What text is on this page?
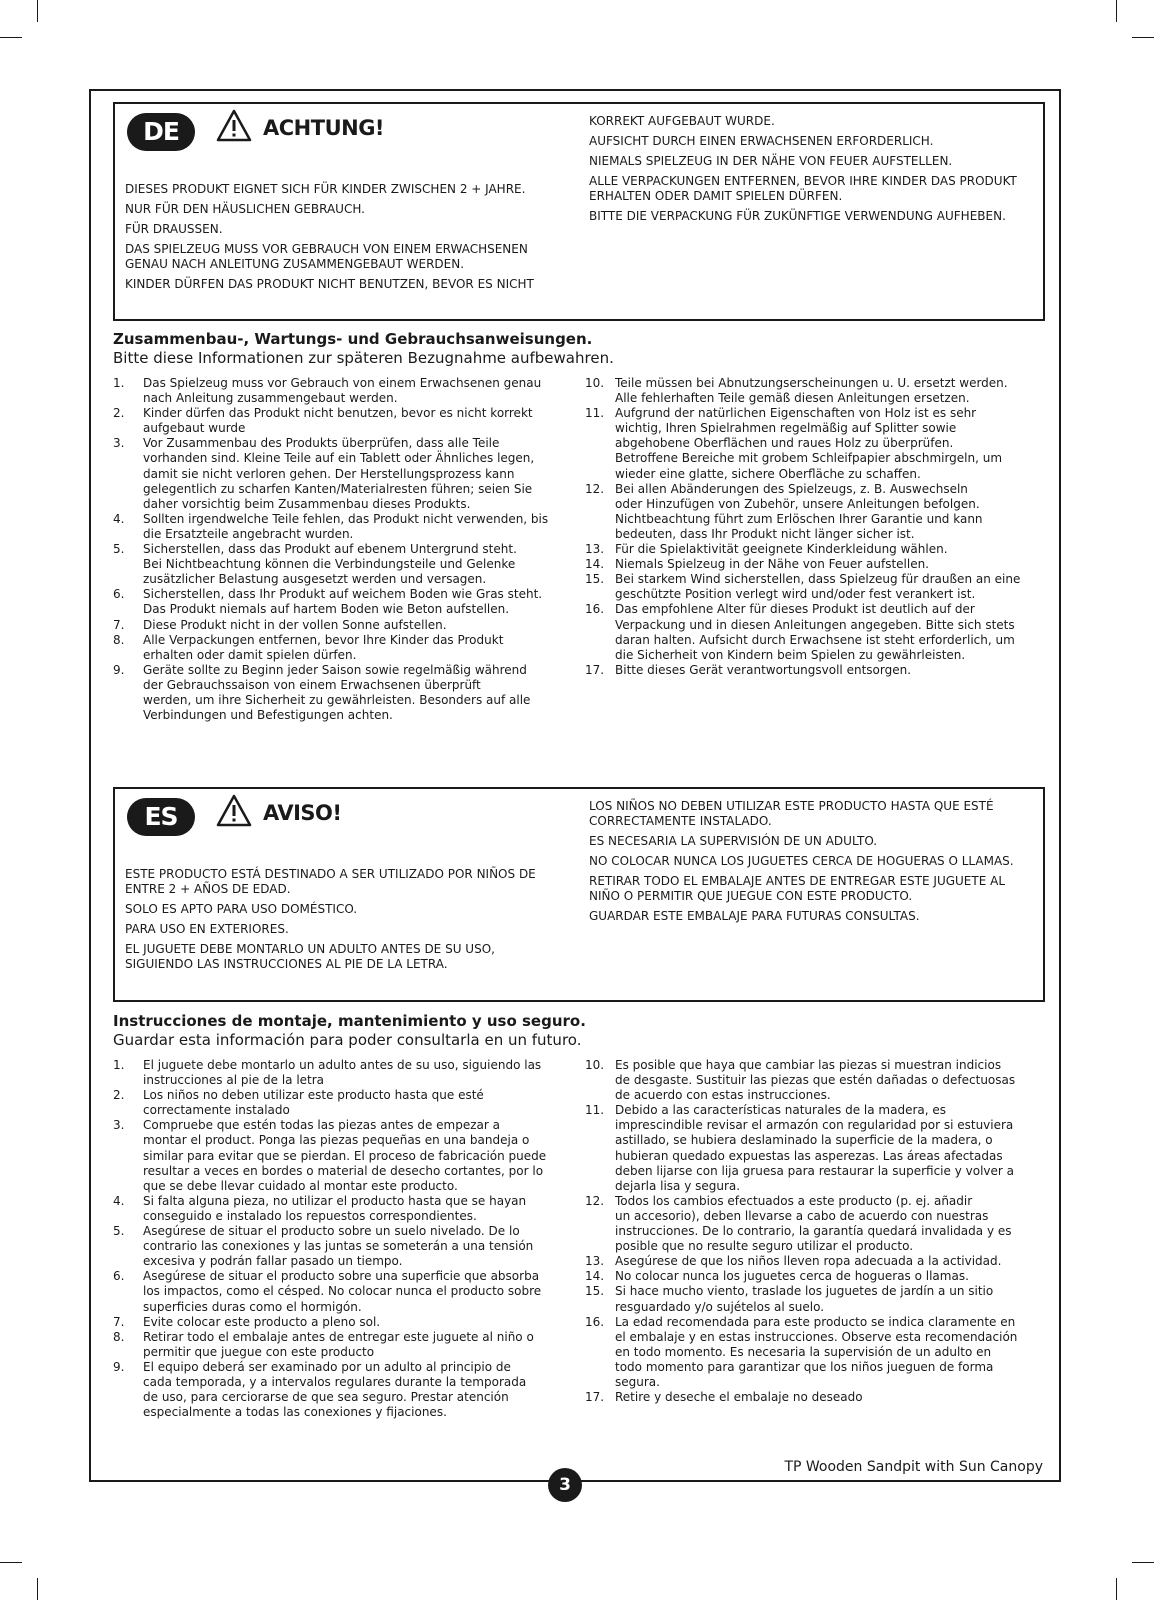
DE	ACHTUNG!
DIESES PRODUKT EIGNET SICH FÜR KINDER ZWISCHEN 2 + JAHRE.
NUR FÜR DEN HÄUSLICHEN GEBRAUCH.
FÜR DRAUSSEN.
DAS SPIELZEUG MUSS VOR GEBRAUCH VON EINEM ERWACHSENEN GENAU NACH ANLEITUNG ZUSAMMENGEBAUT WERDEN.
KINDER DÜRFEN DAS PRODUKT NICHT BENUTZEN, BEVOR ES NICHT
KORREKT AUFGEBAUT WURDE.
AUFSICHT DURCH EINEN ERWACHSENEN ERFORDERLICH.
NIEMALS SPIELZEUG IN DER NÄHE VON FEUER AUFSTELLEN.
ALLE VERPACKUNGEN ENTFERNEN, BEVOR IHRE KINDER DAS PRODUKT ERHALTEN ODER DAMIT SPIELEN DÜRFEN.
BITTE DIE VERPACKUNG FÜR ZUKÜNFTIGE VERWENDUNG AUFHEBEN.
Zusammenbau-, Wartungs- und Gebrauchsanweisungen.
Bitte diese Informationen zur späteren Bezugnahme aufbewahren.
1.	Das Spielzeug muss vor Gebrauch von einem Erwachsenen genau
nach Anleitung zusammengebaut werden.
2.	Kinder dürfen das Produkt nicht benutzen, bevor es nicht korrekt
aufgebaut wurde
3.	Vor Zusammenbau des Produkts überprüfen, dass alle Teile
vorhanden sind. Kleine Teile auf ein Tablett oder Ähnliches legen,
damit sie nicht verloren gehen. Der Herstellungsprozess kann
gelegentlich zu scharfen Kanten/Materialresten führen; seien Sie
daher vorsichtig beim Zusammenbau dieses Produkts.
4.	Sollten irgendwelche Teile fehlen, das Produkt nicht verwenden, bis
die Ersatzteile angebracht wurden.
5.	Sicherstellen, dass das Produkt auf ebenem Untergrund steht.
Bei Nichtbeachtung können die Verbindungsteile und Gelenke
zusätzlicher Belastung ausgesetzt werden und versagen.
6.	Sicherstellen, dass Ihr Produkt auf weichem Boden wie Gras steht.
Das Produkt niemals auf hartem Boden wie Beton aufstellen.
7.	Diese Produkt nicht in der vollen Sonne aufstellen.
8.	Alle Verpackungen entfernen, bevor Ihre Kinder das Produkt
erhalten oder damit spielen dürfen.
9.	Geräte sollte zu Beginn jeder Saison sowie regelmäßig während
der Gebrauchssaison von einem Erwachsenen überprüft
werden, um ihre Sicherheit zu gewährleisten. Besonders auf alle
Verbindungen und Befestigungen achten.
10. Teile müssen bei Abnutzungserscheinungen u. U. ersetzt werden.
Alle fehlerhaften Teile gemäß diesen Anleitungen ersetzen.
11. Aufgrund der natürlichen Eigenschaften von Holz ist es sehr
wichtig, Ihren Spielrahmen regelmäßig auf Splitter sowie
abgehobene Oberflächen und raues Holz zu überprüfen.
Betroffene Bereiche mit grobem Schleifpapier abschmirgeln, um
wieder eine glatte, sichere Oberfläche zu schaffen.
12. Bei allen Abänderungen des Spielzeugs, z. B. Auswechseln
oder Hinzufügen von Zubehör, unsere Anleitungen befolgen.
Nichtbeachtung führt zum Erlöschen Ihrer Garantie und kann
bedeuten, dass Ihr Produkt nicht länger sicher ist.
13. Für die Spielaktivität geeignete Kinderkleidung wählen.
14. Niemals Spielzeug in der Nähe von Feuer aufstellen.
15. Bei starkem Wind sicherstellen, dass Spielzeug für draußen an eine
geschützte Position verlegt wird und/oder fest verankert ist.
16. Das empfohlene Alter für dieses Produkt ist deutlich auf der
Verpackung und in diesen Anleitungen angegeben. Bitte sich stets
daran halten. Aufsicht durch Erwachsene ist steht erforderlich, um
die Sicherheit von Kindern beim Spielen zu gewährleisten.
17. Bitte dieses Gerät verantwortungsvoll entsorgen.
ES	AVISO!
ESTE PRODUCTO ESTÁ DESTINADO A SER UTILIZADO POR NIÑOS DE ENTRE 2 + AÑOS DE EDAD.
SOLO ES APTO PARA USO DOMÉSTICO.
PARA USO EN EXTERIORES.
EL JUGUETE DEBE MONTARLO UN ADULTO ANTES DE SU USO, SIGUIENDO LAS INSTRUCCIONES AL PIE DE LA LETRA.
LOS NIÑOS NO DEBEN UTILIZAR ESTE PRODUCTO HASTA QUE ESTÉ CORRECTAMENTE INSTALADO.
ES NECESARIA LA SUPERVISIÓN DE UN ADULTO.
NO COLOCAR NUNCA LOS JUGUETES CERCA DE HOGUERAS O LLAMAS.
RETIRAR TODO EL EMBALAJE ANTES DE ENTREGAR ESTE JUGUETE AL NIÑO O PERMITIR QUE JUEGUE CON ESTE PRODUCTO.
GUARDAR ESTE EMBALAJE PARA FUTURAS CONSULTAS.
Instrucciones de montaje, mantenimiento y uso seguro.
Guardar esta información para poder consultarla en un futuro.
1.	El juguete debe montarlo un adulto antes de su uso, siguiendo las
instrucciones al pie de la letra
2.	Los niños no deben utilizar este producto hasta que esté
correctamente instalado
3.	Compruebe que estén todas las piezas antes de empezar a
montar el product. Ponga las piezas pequeñas en una bandeja o
similar para evitar que se pierdan. El proceso de fabricación puede
resultar a veces en bordes o material de desecho cortantes, por lo
que se debe llevar cuidado al montar este producto.
4.	Si falta alguna pieza, no utilizar el producto hasta que se hayan
conseguido e instalado los repuestos correspondientes.
5.	Asegúrese de situar el producto sobre un suelo nivelado. De lo
contrario las conexiones y las juntas se someterán a una tensión
excesiva y podrán fallar pasado un tiempo.
6.	Asegúrese de situar el producto sobre una superficie que absorba
los impactos, como el césped. No colocar nunca el producto sobre
superficies duras como el hormigón.
7.	Evite colocar este producto a pleno sol.
8.	Retirar todo el embalaje antes de entregar este juguete al niño o
permitir que juegue con este producto
9.	El equipo deberá ser examinado por un adulto al principio de
cada temporada, y a intervalos regulares durante la temporada
de uso, para cerciorarse de que sea seguro. Prestar atención
especialmente a todas las conexiones y fijaciones.
10. Es posible que haya que cambiar las piezas si muestran indicios
de desgaste. Sustituir las piezas que estén dañadas o defectuosas
de acuerdo con estas instrucciones.
11. Debido a las características naturales de la madera, es
imprescindible revisar el armazón con regularidad por si estuviera
astillado, se hubiera deslaminado la superficie de la madera, o
hubieran quedado expuestas las asperezas. Las áreas afectadas
deben lijarse con lija gruesa para restaurar la superficie y volver a
dejarla lisa y segura.
12. Todos los cambios efectuados a este producto (p. ej. añadir
un accesorio), deben llevarse a cabo de acuerdo con nuestras
instrucciones. De lo contrario, la garantía quedará invalidada y es
posible que no resulte seguro utilizar el producto.
13. Asegúrese de que los niños lleven ropa adecuada a la actividad.
14. No colocar nunca los juguetes cerca de hogueras o llamas.
15. Si hace mucho viento, traslade los juguetes de jardín a un sitio
resguardado y/o sujételos al suelo.
16. La edad recomendada para este producto se indica claramente en
el embalaje y en estas instrucciones. Observe esta recomendación
en todo momento. Es necesaria la supervisión de un adulto en
todo momento para garantizar que los niños jueguen de forma
segura.
17. Retire y deseche el embalaje no deseado
TP Wooden Sandpit with Sun Canopy
3
